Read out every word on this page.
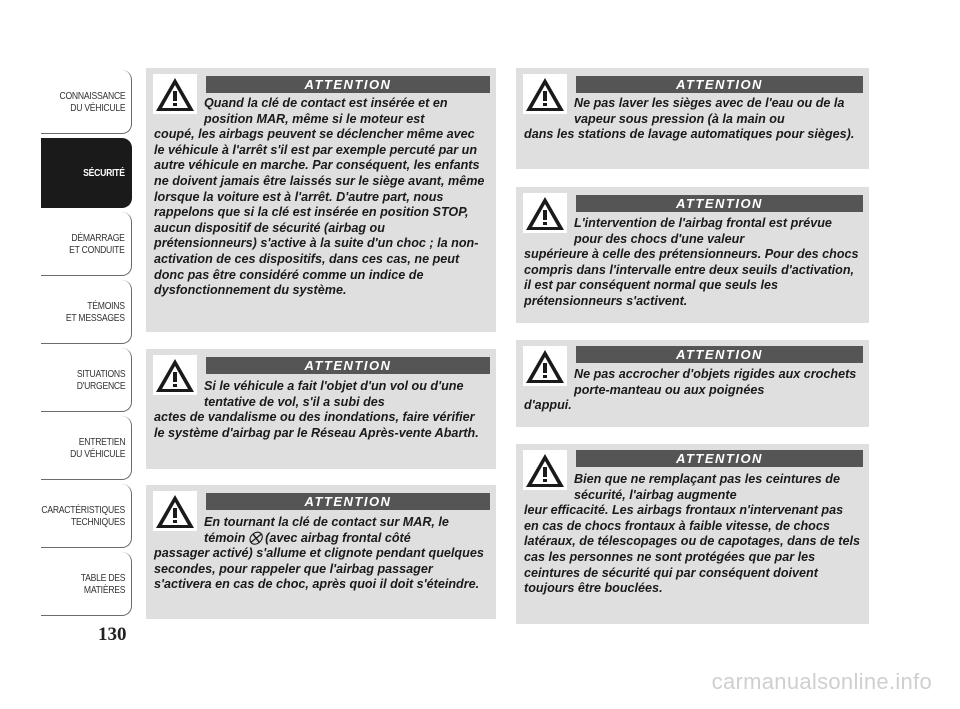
CONNAISSANCE
DU VÉHICULE
SÉCURITÉ
DÉMARRAGE
ET CONDUITE
TÉMOINS
ET MESSAGES
SITUATIONS
D'URGENCE
ENTRETIEN
DU VÉHICULE
CARACTÉRISTIQUES
TECHNIQUES
TABLE DES
MATIÈRES
130
ATTENTION
Quand la clé de contact est insérée et en position MAR, même si le moteur est
coupé, les airbags peuvent se déclencher même avec le véhicule à l'arrêt s'il est par exemple percuté par un autre véhicule en marche. Par conséquent, les enfants ne doivent jamais être laissés sur le siège avant, même lorsque la voiture est à l'arrêt. D'autre part, nous rappelons que si la clé est insérée en position STOP, aucun dispositif de sécurité (airbag ou prétensionneurs) s'active à la suite d'un choc ; la non-activation de ces dispositifs, dans ces cas, ne peut donc pas être considéré comme un indice de dysfonctionnement du système.
ATTENTION
Si le véhicule a fait l'objet d'un vol ou d'une tentative de vol, s'il a subi des
actes de vandalisme ou des inondations, faire vérifier le système d'airbag par le Réseau Après-vente Abarth.
ATTENTION
En tournant la clé de contact sur MAR, le témoin ⛒ (avec airbag frontal côté
passager activé) s'allume et clignote pendant quelques secondes, pour rappeler que l'airbag passager s'activera en cas de choc, après quoi il doit s'éteindre.
ATTENTION
Ne pas laver les sièges avec de l'eau ou de la vapeur sous pression (à la main ou
dans les stations de lavage automatiques pour sièges).
ATTENTION
L'intervention de l'airbag frontal est prévue pour des chocs d'une valeur
supérieure à celle des prétensionneurs. Pour des chocs compris dans l'intervalle entre deux seuils d'activation, il est par conséquent normal que seuls les prétensionneurs s'activent.
ATTENTION
Ne pas accrocher d'objets rigides aux crochets porte-manteau ou aux poignées
d'appui.
ATTENTION
Bien que ne remplaçant pas les ceintures de sécurité, l'airbag augmente
leur efficacité. Les airbags frontaux n'intervenant pas en cas de chocs frontaux à faible vitesse, de chocs latéraux, de télescopages ou de capotages, dans de tels cas les personnes ne sont protégées que par les ceintures de sécurité qui par conséquent doivent toujours être bouclées.
carmanualsonline.info
